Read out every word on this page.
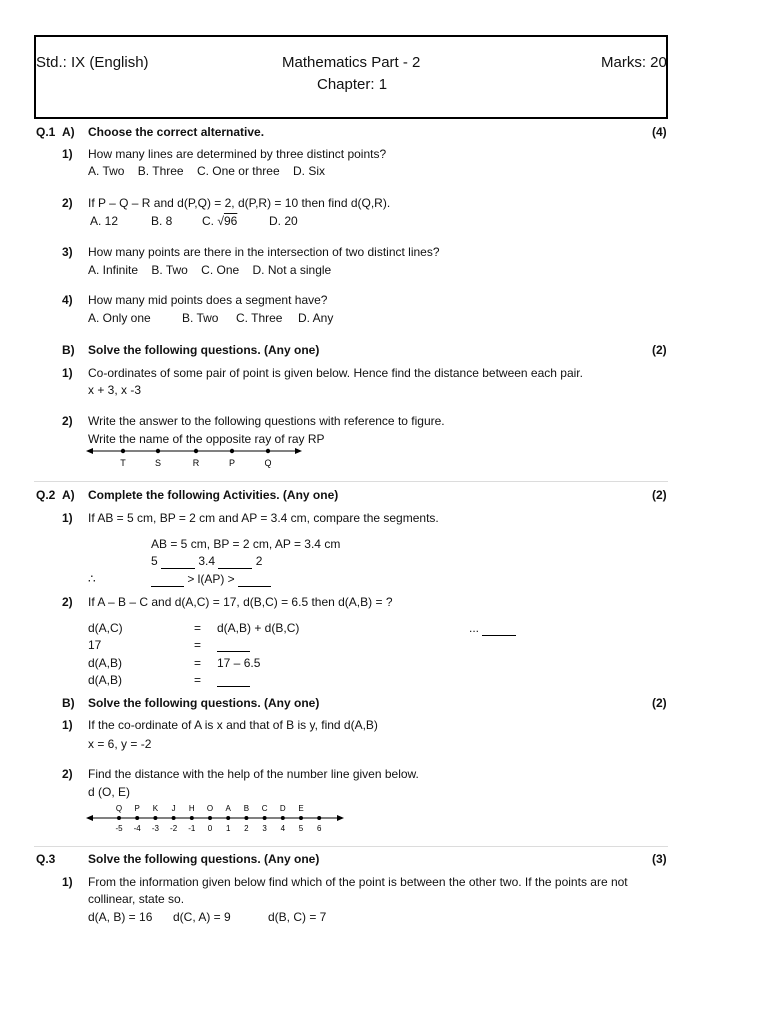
Std.: IX (English)	Mathematics Part - 2
Chapter: 1
Marks: 20
Q.1 A) Choose the correct alternative.	(4)
1) How many lines are determined by three distinct points?
A. Two    B. Three    C. One or three    D. Six
2) If P – Q – R and d(P,Q) = 2, d(P,R) = 10 then find d(Q,R).
A. 12	B. 8 C. √96	D. 20
3) How many points are there in the intersection of two distinct lines?
A. Infinite    B. Two    C. One    D. Not a single
4) How many mid points does a segment have?
A. Only one	B. Two C. Three D. Any
B) Solve the following questions. (Any one)	(2)
1) Co-ordinates of some pair of point is given below. Hence find the distance between each pair.
x + 3, x -3
2) Write the answer to the following questions with reference to figure.
Write the name of the opposite ray of ray RP
T	S	R	P	Q
Q.2 A) Complete the following Activities. (Any one)	(2)
1) If AB = 5 cm, BP = 2 cm and AP = 3.4 cm, compare the segments.
AB = 5 cm, BP = 2 cm, AP = 3.4 cm
5	3.4	2
∴	> l(AP) >
2) If A – B – C and d(A,C) = 17, d(B,C) = 6.5 then d(A,B) = ?
d(A,C)	= d(A,B) + d(B,C)	...
17	=
d(A,B)	= 17 – 6.5
d(A,B)	=
B) Solve the following questions. (Any one)	(2)
1) If the co-ordinate of A is x and that of B is y, find d(A,B)
x = 6, y = -2
2) Find the distance with the help of the number line given below.
d (O, E)
Q P K J H O A B C D E
-5 -4 -3 -2 -1 0 1 2 3 4 5 6
Q.3	Solve the following questions. (Any one)	(3)
1) From the information given below find which of the point is between the other two. If the points are not
collinear, state so.
d(A, B) = 16 d(C, A) = 9	d(B, C) = 7
